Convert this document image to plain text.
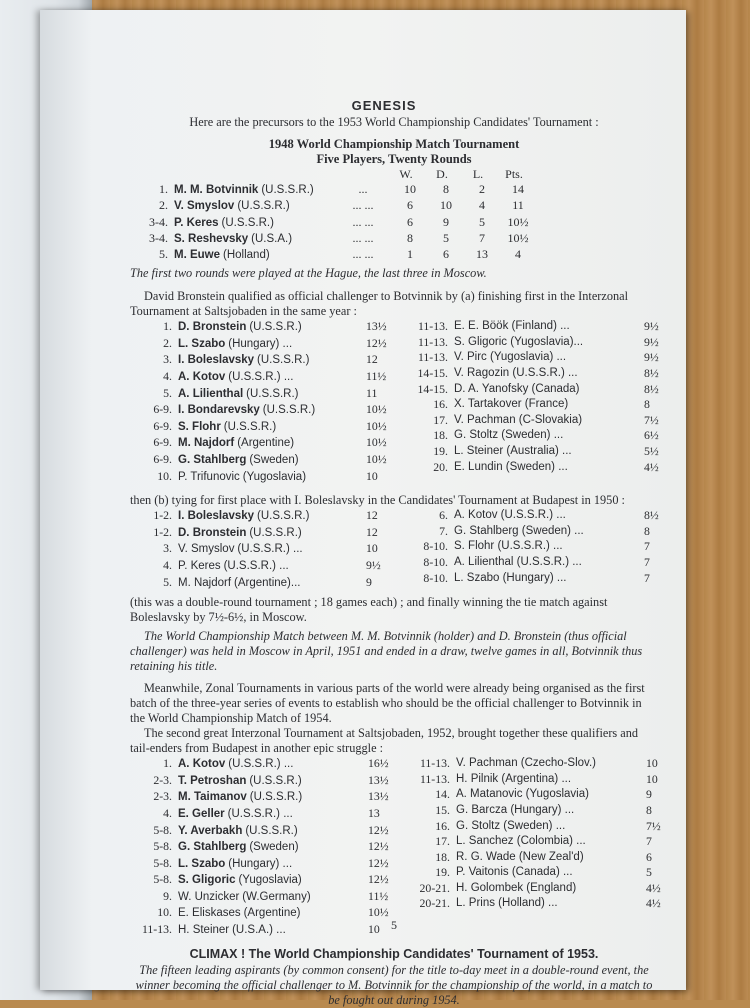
GENESIS

Here are the precursors to the 1953 World Championship Candidates' Tournament :

1948 World Championship Match Tournament
Five Players, Twenty Rounds
W.	D.	L.	Pts.
1. M. M. Botvinnik (U.S.S.R.)	...	10	8	2	14
2. V. Smyslov (U.S.S.R.)	... ...	6	10	4	11
3-4. P. Keres (U.S.S.R.)	... ...	6	9	5	10½
3-4. S. Reshevsky (U.S.A.)	... ...	8	5	7	10½
5. M. Euwe (Holland)	... ...	1	6	13	4

The first two rounds were played at the Hague, the last three in Moscow.

David Bronstein qualified as official challenger to Botvinnik by (a) finishing first in the Interzonal Tournament at Saltsjobaden in the same year :

1. D. Bronstein (U.S.S.R.)	13½
2. L. Szabo (Hungary) ...	12½
3. I. Boleslavsky (U.S.S.R.)	12
4. A. Kotov (U.S.S.R.) ...	11½
5. A. Lilienthal (U.S.S.R.)	11
6-9. I. Bondarevsky (U.S.S.R.)	10½
6-9. S. Flohr (U.S.S.R.)	10½
6-9. M. Najdorf (Argentine)	10½
6-9. G. Stahlberg (Sweden)	10½
10. P. Trifunovic (Yugoslavia)	10
11-13. E. E. Böök (Finland) ...	9½
11-13. S. Gligoric (Yugoslavia)...	9½
11-13. V. Pirc (Yugoslavia) ...	9½
14-15. V. Ragozin (U.S.S.R.) ...	8½
14-15. D. A. Yanofsky (Canada)	8½
16. X. Tartakover (France)	8
17. V. Pachman (C-Slovakia)	7½
18. G. Stoltz (Sweden) ...	6½
19. L. Steiner (Australia) ...	5½
20. E. Lundin (Sweden) ...	4½

then (b) tying for first place with I. Boleslavsky in the Candidates' Tournament at Budapest in 1950 :

1-2. I. Boleslavsky (U.S.S.R.)	12
1-2. D. Bronstein (U.S.S.R.)	12
3. V. Smyslov (U.S.S.R.) ...	10
4. P. Keres (U.S.S.R.) ...	9½
5. M. Najdorf (Argentine)...	9
6. A. Kotov (U.S.S.R.) ...	8½
7. G. Stahlberg (Sweden) ...	8
8-10. S. Flohr (U.S.S.R.) ...	7
8-10. A. Lilienthal (U.S.S.R.) ...	7
8-10. L. Szabo (Hungary) ...	7

(this was a double-round tournament ; 18 games each) ; and finally winning the tie match against Boleslavsky by 7½-6½, in Moscow.

The World Championship Match between M. M. Botvinnik (holder) and D. Bronstein (thus official challenger) was held in Moscow in April, 1951 and ended in a draw, twelve games in all, Botvinnik thus retaining his title.

Meanwhile, Zonal Tournaments in various parts of the world were already being organised as the first batch of the three-year series of events to establish who should be the official challenger to Botvinnik in the World Championship Match of 1954.

The second great Interzonal Tournament at Saltsjobaden, 1952, brought together these qualifiers and tail-enders from Budapest in another epic struggle :

1. A. Kotov (U.S.S.R.) ...	16½
2-3. T. Petroshan (U.S.S.R.)	13½
2-3. M. Taimanov (U.S.S.R.)	13½
4. E. Geller (U.S.S.R.) ...	13
5-8. Y. Averbakh (U.S.S.R.)	12½
5-8. G. Stahlberg (Sweden)	12½
5-8. L. Szabo (Hungary) ...	12½
5-8. S. Gligoric (Yugoslavia)	12½
9. W. Unzicker (W.Germany)	11½
10. E. Eliskases (Argentine)	10½
11-13. H. Steiner (U.S.A.) ...	10
11-13. V. Pachman (Czecho-Slov.)	10
11-13. H. Pilnik (Argentina) ...	10
14. A. Matanovic (Yugoslavia)	9
15. G. Barcza (Hungary) ...	8
16. G. Stoltz (Sweden) ...	7½
17. L. Sanchez (Colombia) ...	7
18. R. G. Wade (New Zeal'd)	6
19. P. Vaitonis (Canada) ...	5
20-21. H. Golombek (England)	4½
20-21. L. Prins (Holland) ...	4½
CLIMAX ! The World Championship Candidates' Tournament of 1953.

The fifteen leading aspirants (by common consent) for the title to-day meet in a double-round event, the winner becoming the official challenger to M. Botvinnik for the championship of the world, in a match to be fought out during 1954.

5
